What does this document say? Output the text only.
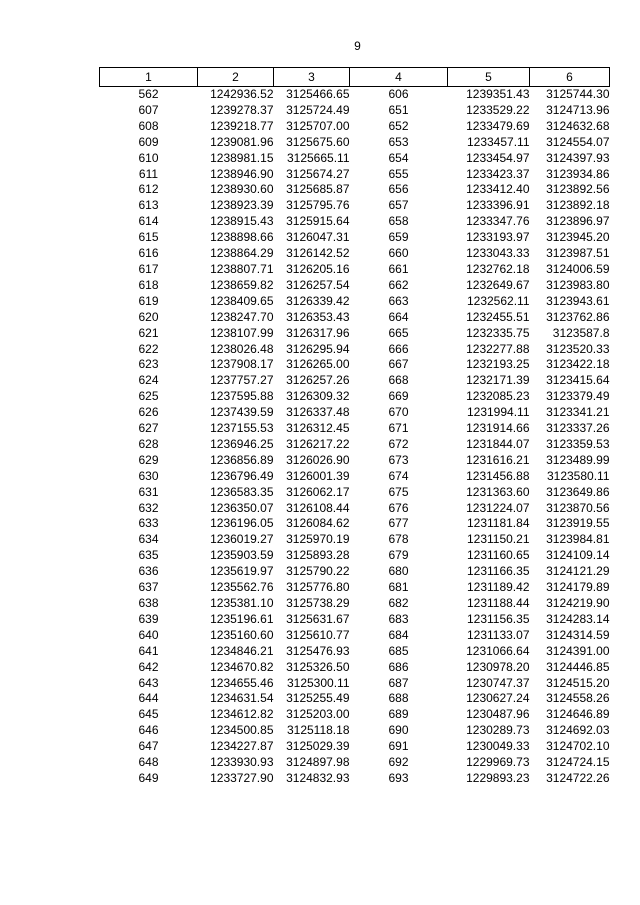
9
1	2	3	4	5	6
562	1242936.52	3125466.65	606	1239351.43	3125744.30
607	1239278.37	3125724.49	651	1233529.22	3124713.96
608	1239218.77	3125707.00	652	1233479.69	3124632.68
609	1239081.96	3125675.60	653	1233457.11	3124554.07
610	1238981.15	3125665.11	654	1233454.97	3124397.93
611	1238946.90	3125674.27	655	1233423.37	3123934.86
612	1238930.60	3125685.87	656	1233412.40	3123892.56
613	1238923.39	3125795.76	657	1233396.91	3123892.18
614	1238915.43	3125915.64	658	1233347.76	3123896.97
615	1238898.66	3126047.31	659	1233193.97	3123945.20
616	1238864.29	3126142.52	660	1233043.33	3123987.51
617	1238807.71	3126205.16	661	1232762.18	3124006.59
618	1238659.82	3126257.54	662	1232649.67	3123983.80
619	1238409.65	3126339.42	663	1232562.11	3123943.61
620	1238247.70	3126353.43	664	1232455.51	3123762.86
621	1238107.99	3126317.96	665	1232335.75	3123587.8
622	1238026.48	3126295.94	666	1232277.88	3123520.33
623	1237908.17	3126265.00	667	1232193.25	3123422.18
624	1237757.27	3126257.26	668	1232171.39	3123415.64
625	1237595.88	3126309.32	669	1232085.23	3123379.49
626	1237439.59	3126337.48	670	1231994.11	3123341.21
627	1237155.53	3126312.45	671	1231914.66	3123337.26
628	1236946.25	3126217.22	672	1231844.07	3123359.53
629	1236856.89	3126026.90	673	1231616.21	3123489.99
630	1236796.49	3126001.39	674	1231456.88	3123580.11
631	1236583.35	3126062.17	675	1231363.60	3123649.86
632	1236350.07	3126108.44	676	1231224.07	3123870.56
633	1236196.05	3126084.62	677	1231181.84	3123919.55
634	1236019.27	3125970.19	678	1231150.21	3123984.81
635	1235903.59	3125893.28	679	1231160.65	3124109.14
636	1235619.97	3125790.22	680	1231166.35	3124121.29
637	1235562.76	3125776.80	681	1231189.42	3124179.89
638	1235381.10	3125738.29	682	1231188.44	3124219.90
639	1235196.61	3125631.67	683	1231156.35	3124283.14
640	1235160.60	3125610.77	684	1231133.07	3124314.59
641	1234846.21	3125476.93	685	1231066.64	3124391.00
642	1234670.82	3125326.50	686	1230978.20	3124446.85
643	1234655.46	3125300.11	687	1230747.37	3124515.20
644	1234631.54	3125255.49	688	1230627.24	3124558.26
645	1234612.82	3125203.00	689	1230487.96	3124646.89
646	1234500.85	3125118.18	690	1230289.73	3124692.03
647	1234227.87	3125029.39	691	1230049.33	3124702.10
648	1233930.93	3124897.98	692	1229969.73	3124724.15
649	1233727.90	3124832.93	693	1229893.23	3124722.26
